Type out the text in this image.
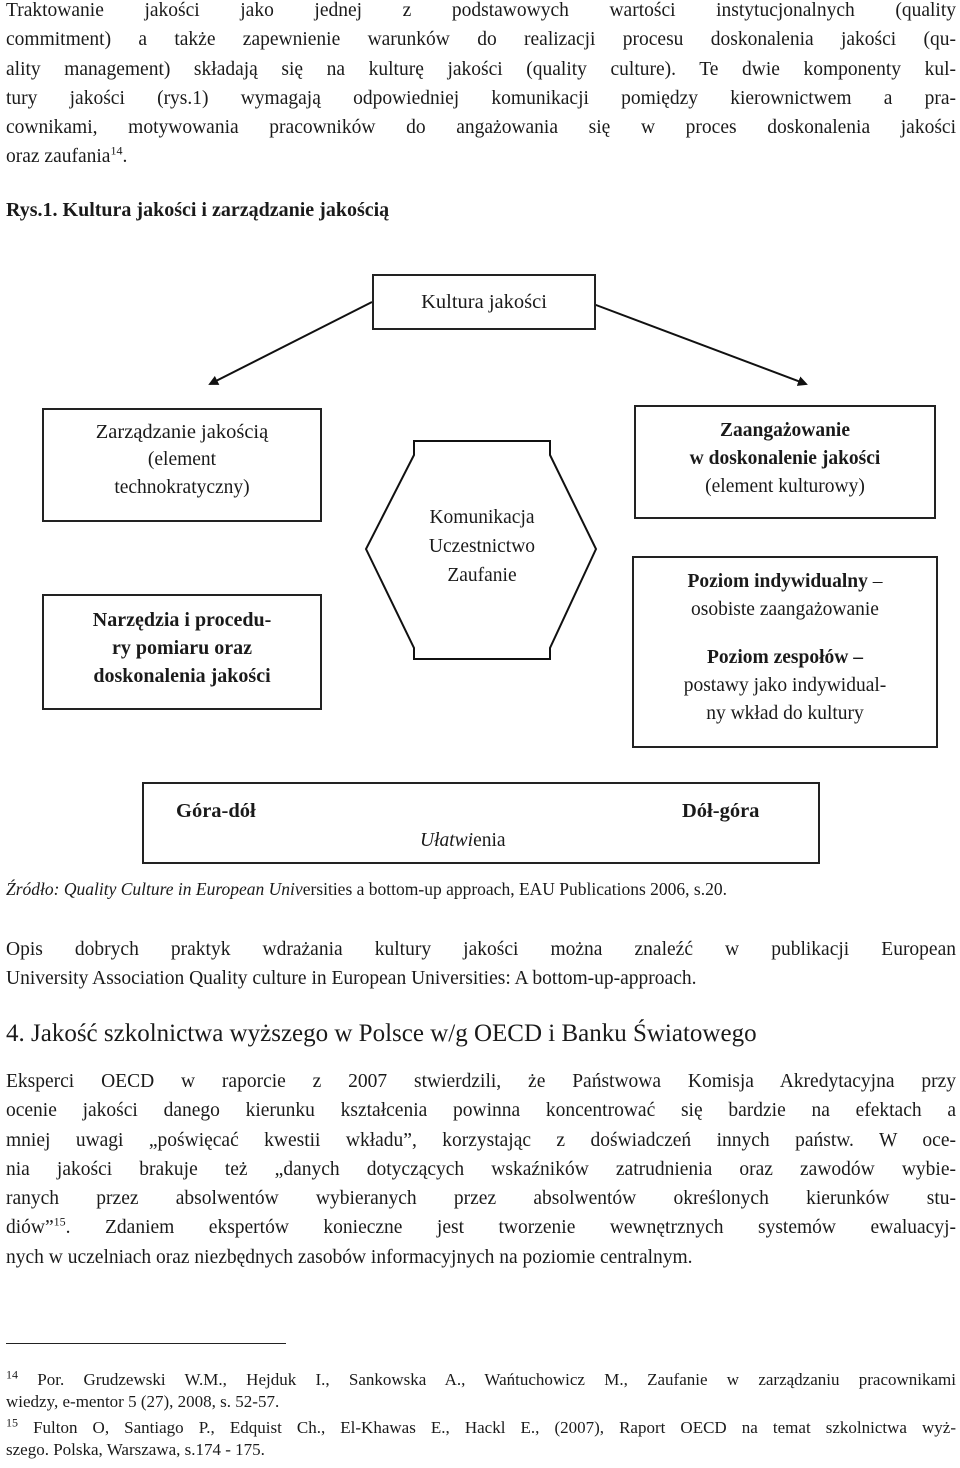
Traktowanie jakości jako jednej z podstawowych wartości instytucjonalnych (quality
commitment) a także zapewnienie warunków do realizacji procesu doskonalenia jakości (qu-
ality management) składają się na kulturę jakości (quality culture). Te dwie komponenty kul-
tury jakości (rys.1) wymagają odpowiedniej komunikacji pomiędzy kierownictwem a pra-
cownikami, motywowania pracowników do angażowania się w proces doskonalenia jakości
oraz zaufania$^{14}$.

Rys.1. Kultura jakości i zarządzanie jakością

Kultura jakości
Zarządzanie jakością
(element
technokratyczny)
Narzędzia i procedu-
ry pomiaru oraz
doskonalenia jakości
Komunikacja
Uczestnictwo
Zaufanie
Zaangażowanie
w doskonalenie jakości
(element kulturowy)
Poziom indywidualny –
osobiste zaangażowanie
Poziom zespołów –
postawy jako indywidual-
ny wkład do kultury
Góra-dół	Dół-góra
Ułatwienia

Źródło: Quality Culture in European Universities a bottom-up approach, EAU Publications 2006, s.20.

Opis dobrych praktyk wdrażania kultury jakości można znaleźć w publikacji European
University Association Quality culture in European Universities: A bottom-up-approach.

4. Jakość szkolnictwa wyższego w Polsce w/g OECD i Banku Światowego

Eksperci OECD w raporcie z 2007 stwierdzili, że Państwowa Komisja Akredytacyjna przy
ocenie jakości danego kierunku kształcenia powinna koncentrować się bardzie na efektach a
mniej uwagi „poświęcać kwestii wkładu”, korzystając z doświadczeń innych państw. W oce-
nia jakości brakuje też „danych dotyczących wskaźników zatrudnienia oraz zawodów wybie-
ranych przez absolwentów wybieranych przez absolwentów określonych kierunków stu-
diów”$^{15}$. Zdaniem ekspertów konieczne jest tworzenie wewnętrznych systemów ewaluacyj-
nych w uczelniach oraz niezbędnych zasobów informacyjnych na poziomie centralnym.
$^{14}$ Por. Grudzewski W.M., Hejduk I., Sankowska A., Wańtuchowicz M., Zaufanie w zarządzaniu pracownikami
wiedzy, e-mentor 5 (27), 2008, s. 52-57.
$^{15}$ Fulton O, Santiago P., Edquist Ch., El-Khawas E., Hackl E., (2007), Raport OECD na temat szkolnictwa wyż-
szego. Polska, Warszawa, s.174 - 175.
